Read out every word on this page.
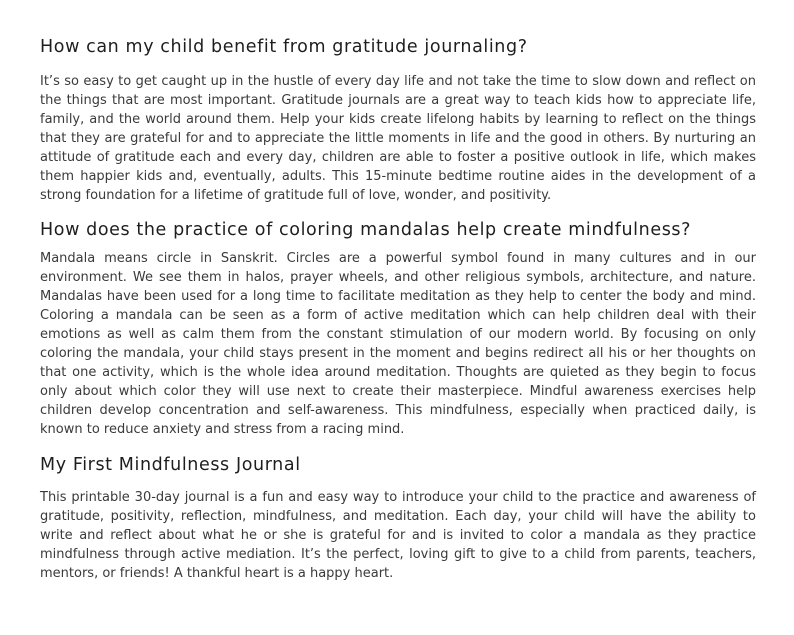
How can my child benefit from gratitude journaling?

It’s so easy to get caught up in the hustle of every day life and not take the time to slow down and reflect on the things that are most important. Gratitude journals are a great way to teach kids how to appreciate life, family, and the world around them. Help your kids create lifelong habits by learning to reflect on the things that they are grateful for and to appreciate the little moments in life and the good in others. By nurturing an attitude of gratitude each and every day, children are able to foster a positive outlook in life, which makes them happier kids and, eventually, adults. This 15-minute bedtime routine aides in the development of a strong foundation for a lifetime of gratitude full of love, wonder, and positivity.

How does the practice of coloring mandalas help create mindfulness?

Mandala means circle in Sanskrit. Circles are a powerful symbol found in many cultures and in our environment. We see them in halos, prayer wheels, and other religious symbols, architecture, and nature. Mandalas have been used for a long time to facilitate meditation as they help to center the body and mind. Coloring a mandala can be seen as a form of active meditation which can help children deal with their emotions as well as calm them from the constant stimulation of our modern world. By focusing on only coloring the mandala, your child stays present in the moment and begins redirect all his or her thoughts on that one activity, which is the whole idea around meditation. Thoughts are quieted as they begin to focus only about which color they will use next to create their masterpiece. Mindful awareness exercises help children develop concentration and self-awareness. This mindfulness, especially when practiced daily, is known to reduce anxiety and stress from a racing mind.

My First Mindfulness Journal

This printable 30-day journal is a fun and easy way to introduce your child to the practice and awareness of gratitude, positivity, reflection, mindfulness, and meditation. Each day, your child will have the ability to write and reflect about what he or she is grateful for and is invited to color a mandala as they practice mindfulness through active mediation. It’s the perfect, loving gift to give to a child from parents, teachers, mentors, or friends! A thankful heart is a happy heart.
